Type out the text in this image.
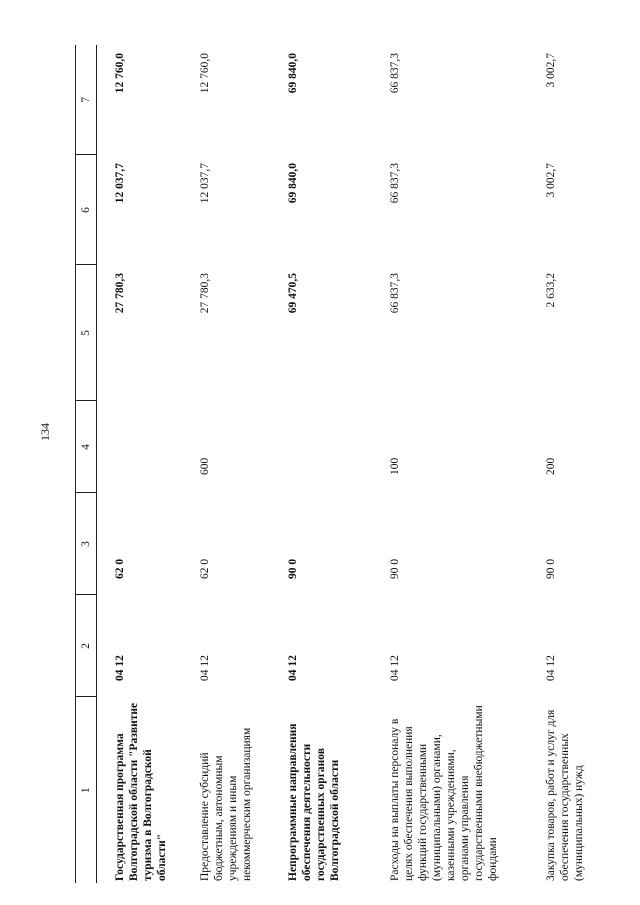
134
1	2	3	4	5	6	7
Государственная программа Волгоградской области "Развитие туризма в Волгоградской области"	04 12	62 0		27 780,3	12 037,7	12 760,0
Предоставление субсидий бюджетным, автономным учреждениям и иным некоммерческим организациям	04 12	62 0	600	27 780,3	12 037,7	12 760,0
Непрограммные направления обеспечения деятельности государственных органов Волгоградской области	04 12	90 0		69 470,5	69 840,0	69 840,0
Расходы на выплаты персоналу в целях обеспечения выполнения функций государственными (муниципальными) органами, казенными учреждениями, органами управления государственными внебюджетными фондами	04 12	90 0	100	66 837,3	66 837,3	66 837,3
Закупка товаров, работ и услуг для обеспечения государственных (муниципальных) нужд	04 12	90 0	200	2 633,2	3 002,7	3 002,7
